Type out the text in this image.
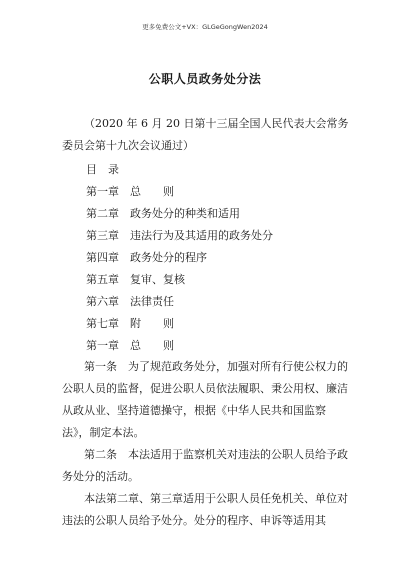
更多免费公文+VX：GLGeGongWen2024
公职人员政务处分法

（2020 年 6 月 20 日第十三届全国人民代表大会常务委员会第十九次会议通过）

目　录
第一章　总　　则
第二章　政务处分的种类和适用
第三章　违法行为及其适用的政务处分
第四章　政务处分的程序
第五章　复审、复核
第六章　法律责任
第七章　附　　则
第一章　总　　则

第一条　为了规范政务处分，加强对所有行使公权力的公职人员的监督，促进公职人员依法履职、秉公用权、廉洁从政从业、坚持道德操守，根据《中华人民共和国监察法》，制定本法。

第二条　本法适用于监察机关对违法的公职人员给予政务处分的活动。

本法第二章、第三章适用于公职人员任免机关、单位对违法的公职人员给予处分。处分的程序、申诉等适用其
